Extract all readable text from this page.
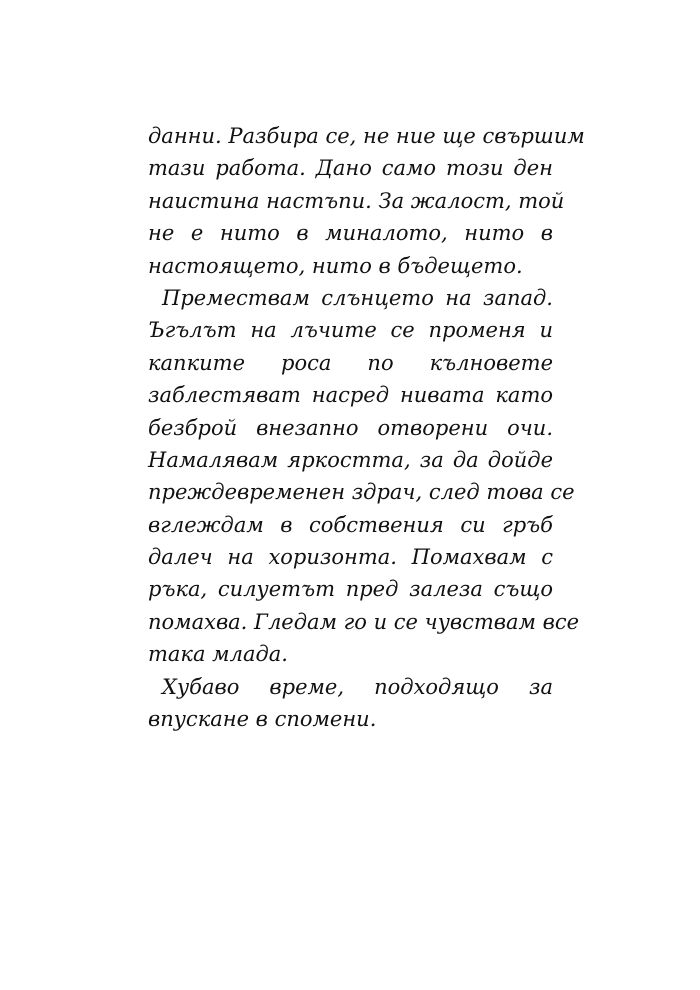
данни. Разбира се, не ние ще свършим
тази работа. Дано само този ден
наистина настъпи. За жалост, той
не е нито в миналото, нито в
настоящето, нито в бъдещето.
Премествам слънцето на запад.
Ъгълът на лъчите се променя и
капките роса по кълновете
заблестяват насред нивата като
безброй внезапно отворени очи.
Намалявам яркостта, за да дойде
преждевременен здрач, след това се
вглеждам в собствения си гръб
далеч на хоризонта. Помахвам с
ръка, силуетът пред залеза също
помахва. Гледам го и се чувствам все
така млада.
Хубаво време, подходящо за
впускане в спомени.
